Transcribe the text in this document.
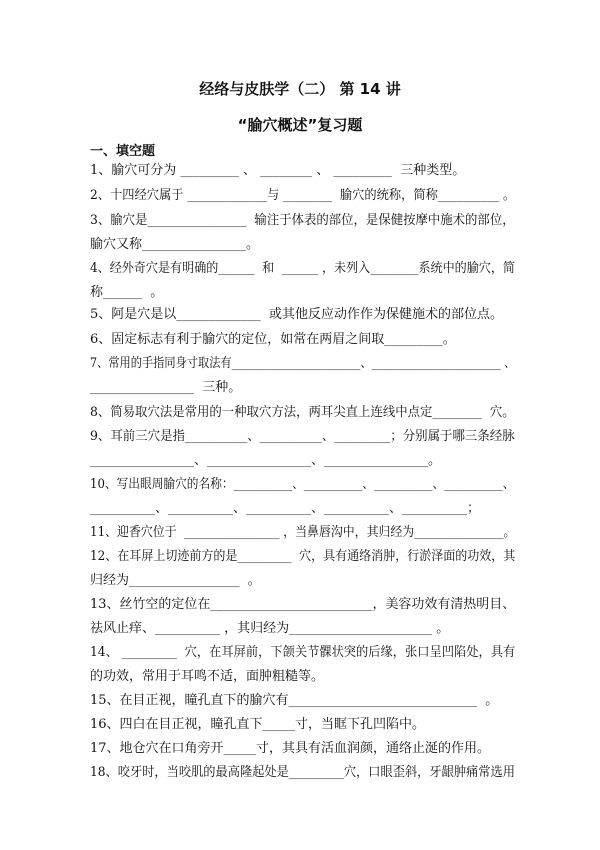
经络与皮肤学（二） 第 14 讲
“腧穴概述”复习题
一、填空题
1、腧穴可分为 _________ 、 ________ 、 _________  三种类型。
2、十四经穴属于 _____________与 ________  腧穴的统称，简称__________ 。
3、腧穴是________________  输注于体表的部位，是保健按摩中施术的部位，
腧穴又称________________。
4、经外奇穴是有明确的______  和  ______ ，未列入________系统中的腧穴，简
称______  。
5、阿是穴是以_____________  或其他反应动作作为保健施术的部位点。
6、固定标志有利于腧穴的定位，如常在两眉之间取_________。
7、常用的手指同身寸取法有_______________________、_______________________ 、
________________  三种。
8、简易取穴法是常用的一种取穴方法，两耳尖直上连线中点定________  穴。
9、耳前三穴是指__________、__________、_________；分别属于哪三条经脉
________________、________________、________________。
10、写出眼周腧穴的名称：__________、__________、__________、__________、
__________、__________、__________、__________、__________；
11、迎香穴位于  ________________ ，当鼻唇沟中，其归经为_______________。
12、在耳屏上切迹前方的是_________  穴，具有通络消肿，行淤泽面的功效，其
归经为_________________  。
13、丝竹空的定位在_________________________，美容功效有清热明目、
祛风止痒、__________ ，其归经为______________________ 。
14、 _________  穴，在耳屏前，下颌关节髁状突的后缘，张口呈凹陷处，具有
的功效，常用于耳鸣不适，面肿粗糙等。
15、在目正视，瞳孔直下的腧穴有_____________________________  。
16、四白在目正视，瞳孔直下_____寸，当眶下孔凹陷中。
17、地仓穴在口角旁开_____寸，其具有活血润颜，通络止涎的作用。
18、咬牙时，当咬肌的最高隆起处是_________穴，口眼歪斜，牙龈肿痛常选用
